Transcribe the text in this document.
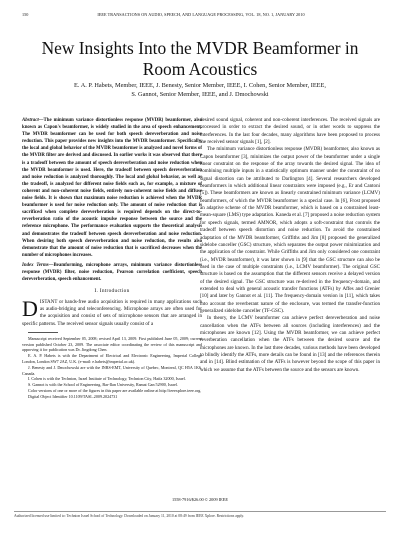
150	IEEE TRANSACTIONS ON AUDIO, SPEECH, AND LANGUAGE PROCESSING, VOL. 18, NO. 1, JANUARY 2010
New Insights Into the MVDR Beamformer in Room Acoustics
E. A. P. Habets, Member, IEEE, J. Benesty, Senior Member, IEEE, I. Cohen, Senior Member, IEEE,
S. Gannot, Senior Member, IEEE, and J. Dmochowski
Abstract—The minimum variance distortionless response (MVDR) beamformer, also known as Capon's beamformer, is widely studied in the area of speech enhancement. The MVDR beamformer can be used for both speech dereverberation and noise reduction. This paper provides new insights into the MVDR beamformer. Specifically, the local and global behavior of the MVDR beamformer is analyzed and novel forms of the MVDR filter are derived and discussed. In earlier works it was observed that there is a tradeoff between the amount of speech dereverberation and noise reduction when the MVDR beamformer is used. Here, the tradeoff between speech dereverberation and noise reduction is analyzed thoroughly. The local and global behavior, as well as the tradeoff, is analyzed for different noise fields such as, for example, a mixture of coherent and non-coherent noise fields, entirely non-coherent noise fields and diffuse noise fields. It is shown that maximum noise reduction is achieved when the MVDR beamformer is used for noise reduction only. The amount of noise reduction that is sacrificed when complete dereverberation is required depends on the direct-to-reverberation ratio of the acoustic impulse response between the source and the reference microphone. The performance evaluation supports the theoretical analysis and demonstrates the tradeoff between speech dereverberation and noise reduction. When desiring both speech dereverberation and noise reduction, the results also demonstrate that the amount of noise reduction that is sacrificed decreases when the number of microphones increases.
Index Terms—Beamforming, microphone arrays, minimum variance distortionless response (MVDR) filter, noise reduction, Pearson correlation coefficient, speech dereverberation, speech enhancement.
I. Introduction
DISTANT or hands-free audio acquisition is required in many applications such as audio-bridging and teleconferencing. Microphone arrays are often used for the acquisition and consist of sets of microphone sensors that are arranged in specific patterns. The received sensor signals usually consist of a

Manuscript received September 05, 2008; revised April 13, 2009. First published June 05, 2009; current version published October 23, 2009. The associate editor coordinating the review of this manuscript and approving it for publication was Dr. Jingdong Chen.

E. A. P. Habets is with the Department of Electrical and Electronic Engineering, Imperial College London, London SW7 2AZ, U.K. (e-mail: e.habets@imperial.ac.uk).

J. Benesty and J. Dmochowski are with the INRS-EMT, University of Quebec, Montreal, QC H5A 1K6, Canada.

I. Cohen is with the Technion, Israel Institute of Technology, Technion City, Haifa 32000, Israel.

S. Gannot is with the School of Engineering, Bar-Ilan University, Ramat Gan 52900, Israel.

Color versions of one or more of the figures in this paper are available online at http://ieeexplore.ieee.org.

Digital Object Identifier 10.1109/TASL.2009.2024731

desired sound signal, coherent and non-coherent interferences. The received signals are processed in order to extract the desired sound, or in other words to suppress the interferences. In the last four decades, many algorithms have been proposed to process the received sensor signals [1], [2].

The minimum variance distortionless response (MVDR) beamformer, also known as Capon beamformer [3], minimizes the output power of the beamformer under a single linear constraint on the response of the array towards the desired signal. The idea of combining multiple inputs in a statistically optimum manner under the constraint of no signal distortion can be attributed to Darlington [4]. Several researchers developed beamformers in which additional linear constraints were imposed (e.g., Er and Cantoni [5]). These beamformers are known as linearly constrained minimum variance (LCMV) beamformers, of which the MVDR beamformer is a special case. In [6], Frost proposed an adaptive scheme of the MVDR beamformer, which is based on a constrained least-mean-square (LMS) type adaptation. Kaneda et al. [7] proposed a noise reduction system for speech signals, termed AMNOR, which adopts a soft-constraint that controls the tradeoff between speech distortion and noise reduction. To avoid the constrained adaptation of the MVDR beamformer, Griffiths and Jim [8] proposed the generalized sidelobe canceller (GSC) structure, which separates the output power minimization and the application of the constraint. While Griffiths and Jim only considered one constraint (i.e., MVDR beamformer), it was later shown in [9] that the GSC structure can also be used in the case of multiple constraints (i.e., LCMV beamformer). The original GSC structure is based on the assumption that the different sensors receive a delayed version of the desired signal. The GSC structure was re-derived in the frequency-domain, and extended to deal with general acoustic transfer functions (ATFs) by Affes and Grenier [10] and later by Gannot et al. [11]. The frequency-domain version in [11], which takes into account the reverberant nature of the enclosure, was termed the transfer-function generalized sidelobe canceller (TF-GSC).

In theory, the LCMV beamformer can achieve perfect dereverberation and noise cancellation when the ATFs between all sources (including interferences) and the microphones are known [12]. Using the MVDR beamformer, we can achieve perfect reverberation cancellation when the ATFs between the desired source and the microphones are known. In the last three decades, various methods have been developed to blindly identify the ATFs, more details can be found in [13] and the references therein and in [14]. Blind estimation of the ATFs is however beyond the scope of this paper in which we assume that the ATFs between the source and the sensors are known.

1558-7916/$26.00 © 2009 IEEE
Authorized licensed use limited to: Technion Israel School of Technology. Downloaded on January 11, 2010 at 08:49 from IEEE Xplore. Restrictions apply.
